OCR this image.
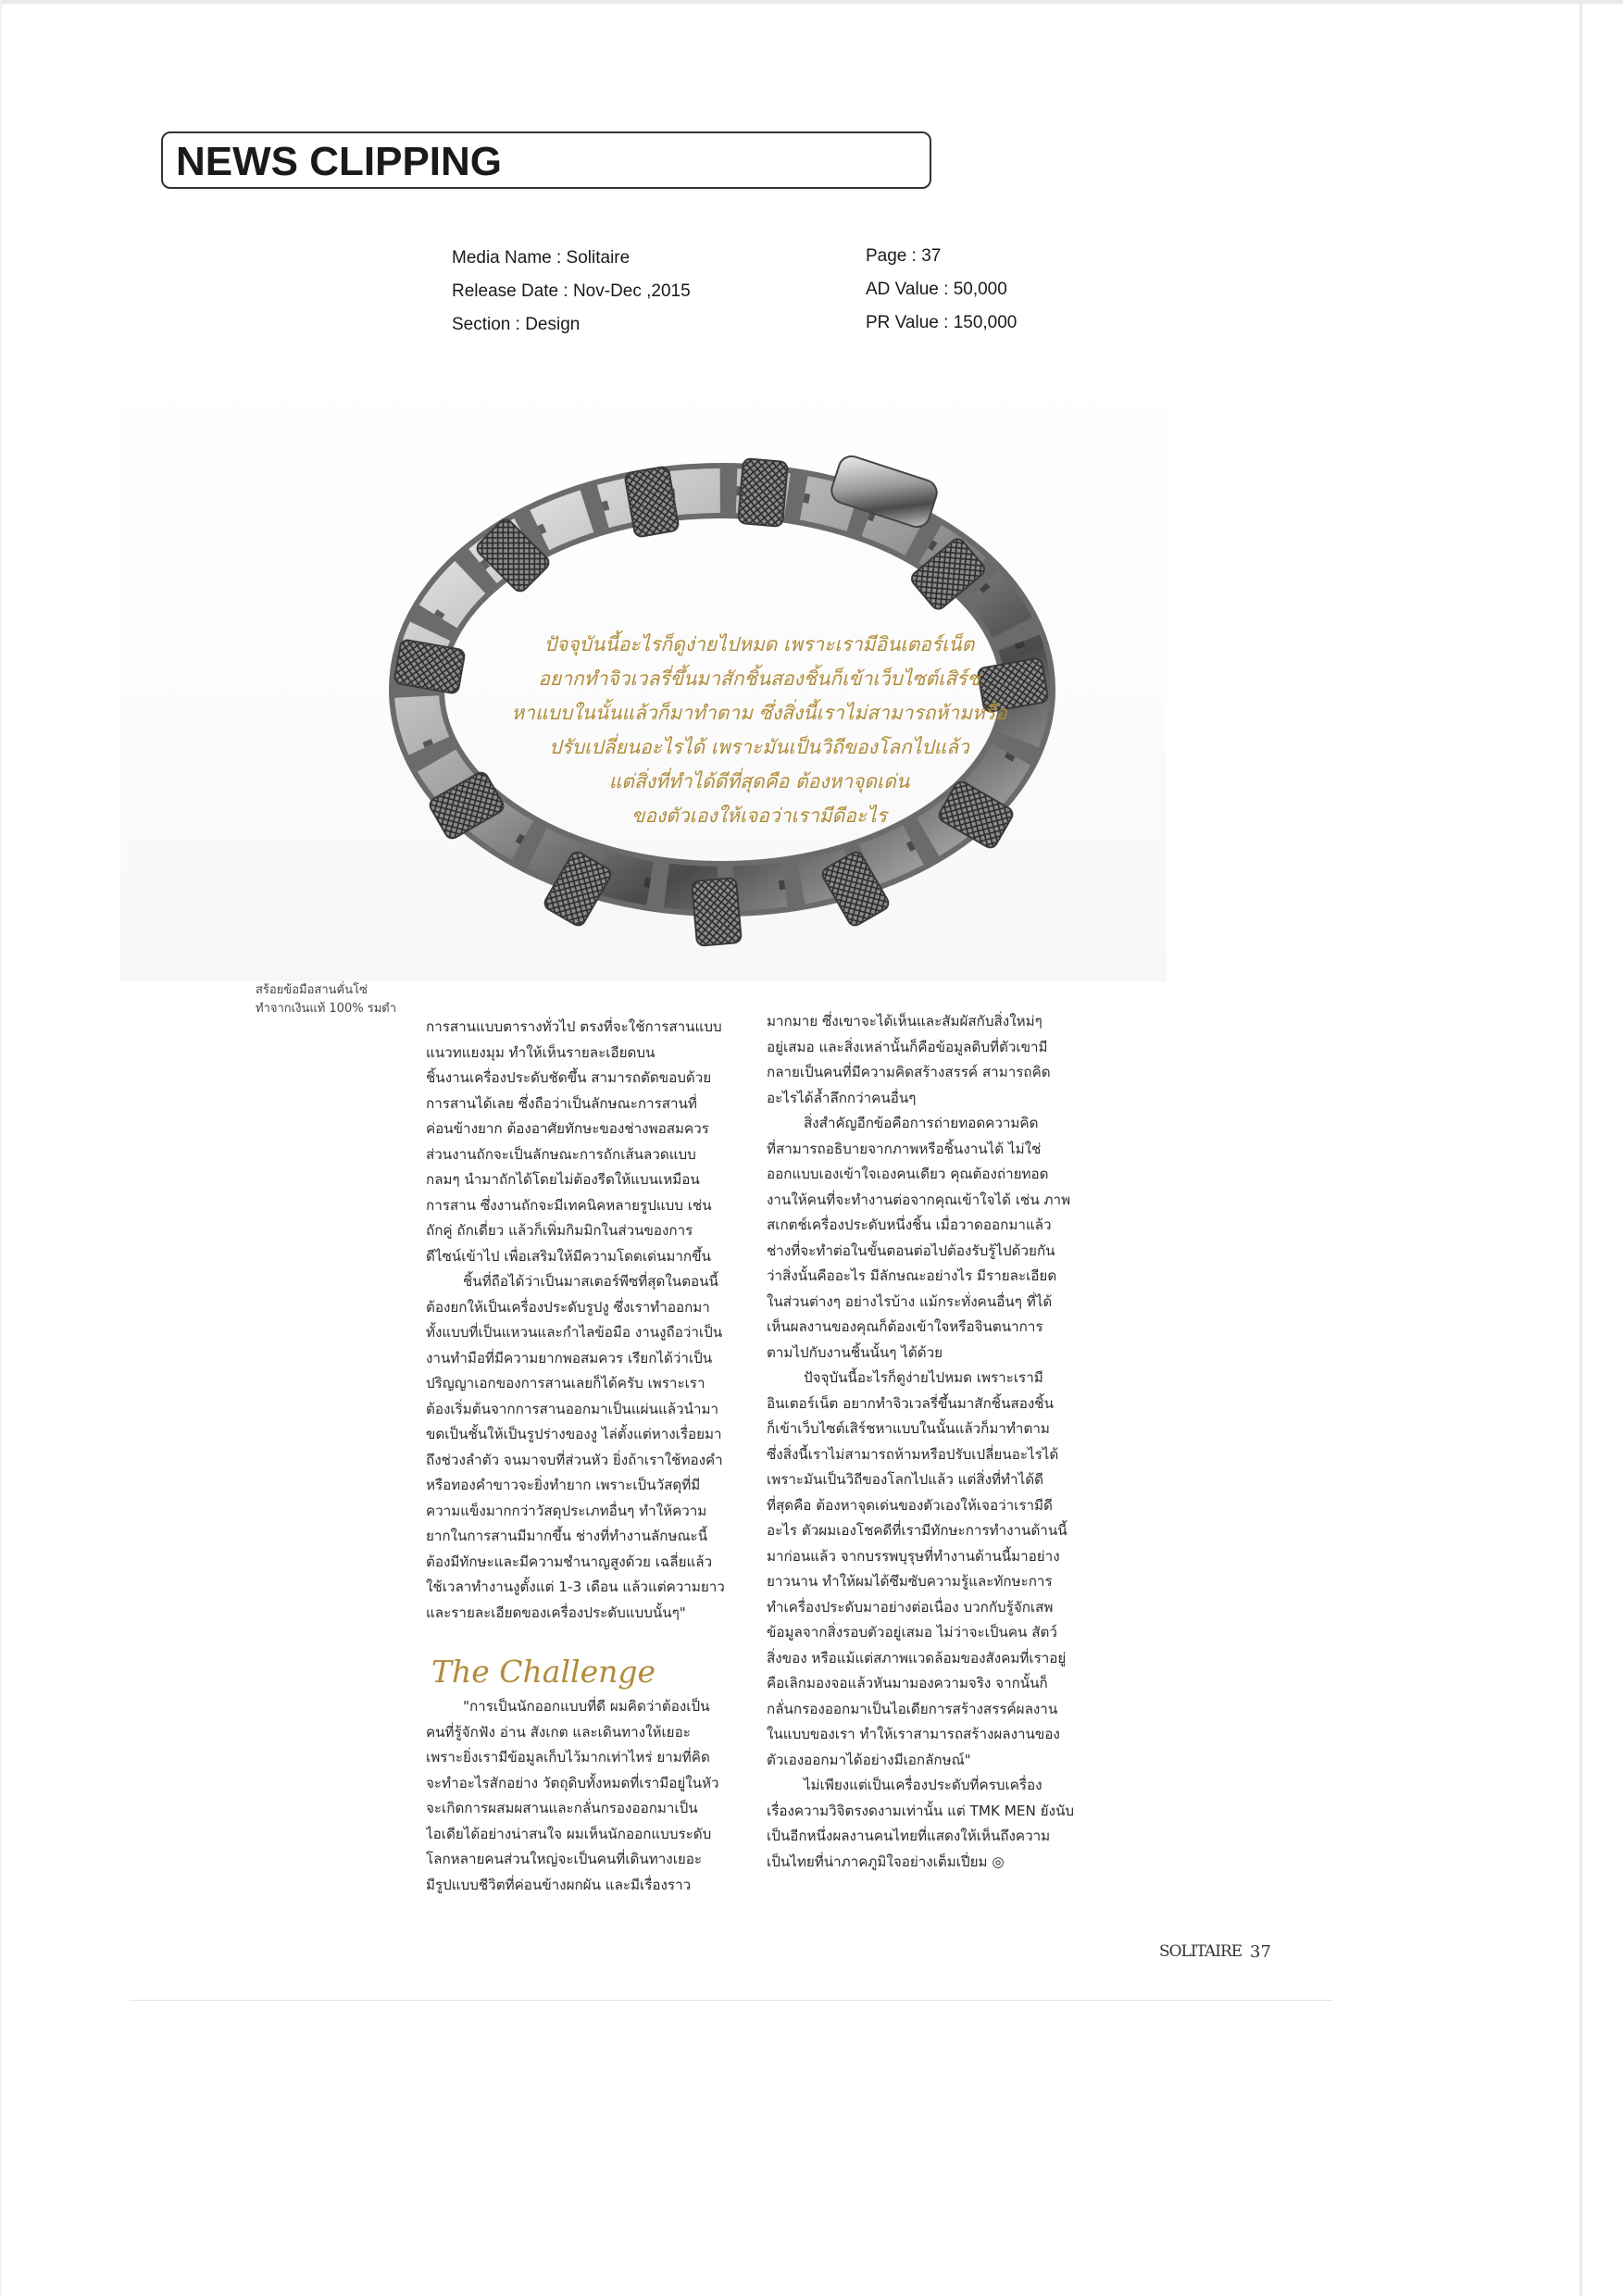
NEWS CLIPPING
Media Name : Solitaire
Release Date : Nov-Dec ,2015
Section : Design
Page : 37
AD Value : 50,000
PR Value : 150,000
ปัจจุบันนี้อะไรก็ดูง่ายไปหมด เพราะเรามีอินเตอร์เน็ต
อยากทำจิวเวลรี่ขึ้นมาสักชิ้นสองชิ้นก็เข้าเว็บไซต์เสิร์ช
หาแบบในนั้นแล้วก็มาทำตาม ซึ่งสิ่งนี้เราไม่สามารถห้ามหรือ
ปรับเปลี่ยนอะไรได้ เพราะมันเป็นวิถีของโลกไปแล้ว
แต่สิ่งที่ทำได้ดีที่สุดคือ ต้องหาจุดเด่น
ของตัวเองให้เจอว่าเรามีดีอะไร
สร้อยข้อมือสานคั่นโซ่
ทำจากเงินแท้ 100% รมดำ
การสานแบบตารางทั่วไป ตรงที่จะใช้การสานแบบ
แนวทแยงมุม ทำให้เห็นรายละเอียดบน
ชิ้นงานเครื่องประดับชัดขึ้น สามารถตัดขอบด้วย
การสานได้เลย ซึ่งถือว่าเป็นลักษณะการสานที่
ค่อนข้างยาก ต้องอาศัยทักษะของช่างพอสมควร
ส่วนงานถักจะเป็นลักษณะการถักเส้นลวดแบบ
กลมๆ นำมาถักได้โดยไม่ต้องรีดให้แบนเหมือน
การสาน ซึ่งงานถักจะมีเทคนิคหลายรูปแบบ เช่น
ถักคู่ ถักเดี่ยว แล้วก็เพิ่มกิมมิกในส่วนของการ
ดีไซน์เข้าไป เพื่อเสริมให้มีความโดดเด่นมากขึ้น
ชิ้นที่ถือได้ว่าเป็นมาสเตอร์พีซที่สุดในตอนนี้
ต้องยกให้เป็นเครื่องประดับรูปงู ซึ่งเราทำออกมา
ทั้งแบบที่เป็นแหวนและกำไลข้อมือ งานงูถือว่าเป็น
งานทำมือที่มีความยากพอสมควร เรียกได้ว่าเป็น
ปริญญาเอกของการสานเลยก็ได้ครับ เพราะเรา
ต้องเริ่มต้นจากการสานออกมาเป็นแผ่นแล้วนำมา
ขดเป็นชั้นให้เป็นรูปร่างของงู ไล่ตั้งแต่หางเรื่อยมา
ถึงช่วงลำตัว จนมาจบที่ส่วนหัว ยิ่งถ้าเราใช้ทองคำ
หรือทองคำขาวจะยิ่งทำยาก เพราะเป็นวัสดุที่มี
ความแข็งมากกว่าวัสดุประเภทอื่นๆ ทำให้ความ
ยากในการสานมีมากขึ้น ช่างที่ทำงานลักษณะนี้
ต้องมีทักษะและมีความชำนาญสูงด้วย เฉลี่ยแล้ว
ใช้เวลาทำงานงูตั้งแต่ 1-3 เดือน แล้วแต่ความยาว
และรายละเอียดของเครื่องประดับแบบนั้นๆ"
The Challenge
"การเป็นนักออกแบบที่ดี ผมคิดว่าต้องเป็น
คนที่รู้จักฟัง อ่าน สังเกต และเดินทางให้เยอะ
เพราะยิ่งเรามีข้อมูลเก็บไว้มากเท่าไหร่ ยามที่คิด
จะทำอะไรสักอย่าง วัตถุดิบทั้งหมดที่เรามีอยู่ในหัว
จะเกิดการผสมผสานและกลั่นกรองออกมาเป็น
ไอเดียได้อย่างน่าสนใจ ผมเห็นนักออกแบบระดับ
โลกหลายคนส่วนใหญ่จะเป็นคนที่เดินทางเยอะ
มีรูปแบบชีวิตที่ค่อนข้างผกผัน และมีเรื่องราว
มากมาย ซึ่งเขาจะได้เห็นและสัมผัสกับสิ่งใหม่ๆ
อยู่เสมอ และสิ่งเหล่านั้นก็คือข้อมูลดิบที่ตัวเขามี
กลายเป็นคนที่มีความคิดสร้างสรรค์ สามารถคิด
อะไรได้ล้ำลึกกว่าคนอื่นๆ
สิ่งสำคัญอีกข้อคือการถ่ายทอดความคิด
ที่สามารถอธิบายจากภาพหรือชิ้นงานได้ ไม่ใช่
ออกแบบเองเข้าใจเองคนเดียว คุณต้องถ่ายทอด
งานให้คนที่จะทำงานต่อจากคุณเข้าใจได้ เช่น ภาพ
สเกตช์เครื่องประดับหนึ่งชิ้น เมื่อวาดออกมาแล้ว
ช่างที่จะทำต่อในขั้นตอนต่อไปต้องรับรู้ไปด้วยกัน
ว่าสิ่งนั้นคืออะไร มีลักษณะอย่างไร มีรายละเอียด
ในส่วนต่างๆ อย่างไรบ้าง แม้กระทั่งคนอื่นๆ ที่ได้
เห็นผลงานของคุณก็ต้องเข้าใจหรือจินตนาการ
ตามไปกับงานชิ้นนั้นๆ ได้ด้วย
ปัจจุบันนี้อะไรก็ดูง่ายไปหมด เพราะเรามี
อินเตอร์เน็ต อยากทำจิวเวลรี่ขึ้นมาสักชิ้นสองชิ้น
ก็เข้าเว็บไซต์เสิร์ชหาแบบในนั้นแล้วก็มาทำตาม
ซึ่งสิ่งนี้เราไม่สามารถห้ามหรือปรับเปลี่ยนอะไรได้
เพราะมันเป็นวิถีของโลกไปแล้ว แต่สิ่งที่ทำได้ดี
ที่สุดคือ ต้องหาจุดเด่นของตัวเองให้เจอว่าเรามีดี
อะไร ตัวผมเองโชคดีที่เรามีทักษะการทำงานด้านนี้
มาก่อนแล้ว จากบรรพบุรุษที่ทำงานด้านนี้มาอย่าง
ยาวนาน ทำให้ผมได้ซึมซับความรู้และทักษะการ
ทำเครื่องประดับมาอย่างต่อเนื่อง บวกกับรู้จักเสพ
ข้อมูลจากสิ่งรอบตัวอยู่เสมอ ไม่ว่าจะเป็นคน สัตว์
สิ่งของ หรือแม้แต่สภาพแวดล้อมของสังคมที่เราอยู่
คือเลิกมองจอแล้วหันมามองความจริง จากนั้นก็
กลั่นกรองออกมาเป็นไอเดียการสร้างสรรค์ผลงาน
ในแบบของเรา ทำให้เราสามารถสร้างผลงานของ
ตัวเองออกมาได้อย่างมีเอกลักษณ์"
ไม่เพียงแต่เป็นเครื่องประดับที่ครบเครื่อง
เรื่องความวิจิตรงดงามเท่านั้น แต่ TMK MEN ยังนับ
เป็นอีกหนึ่งผลงานคนไทยที่แสดงให้เห็นถึงความ
เป็นไทยที่น่าภาคภูมิใจอย่างเต็มเปี่ยม ◎
SOLITAIRE 37
